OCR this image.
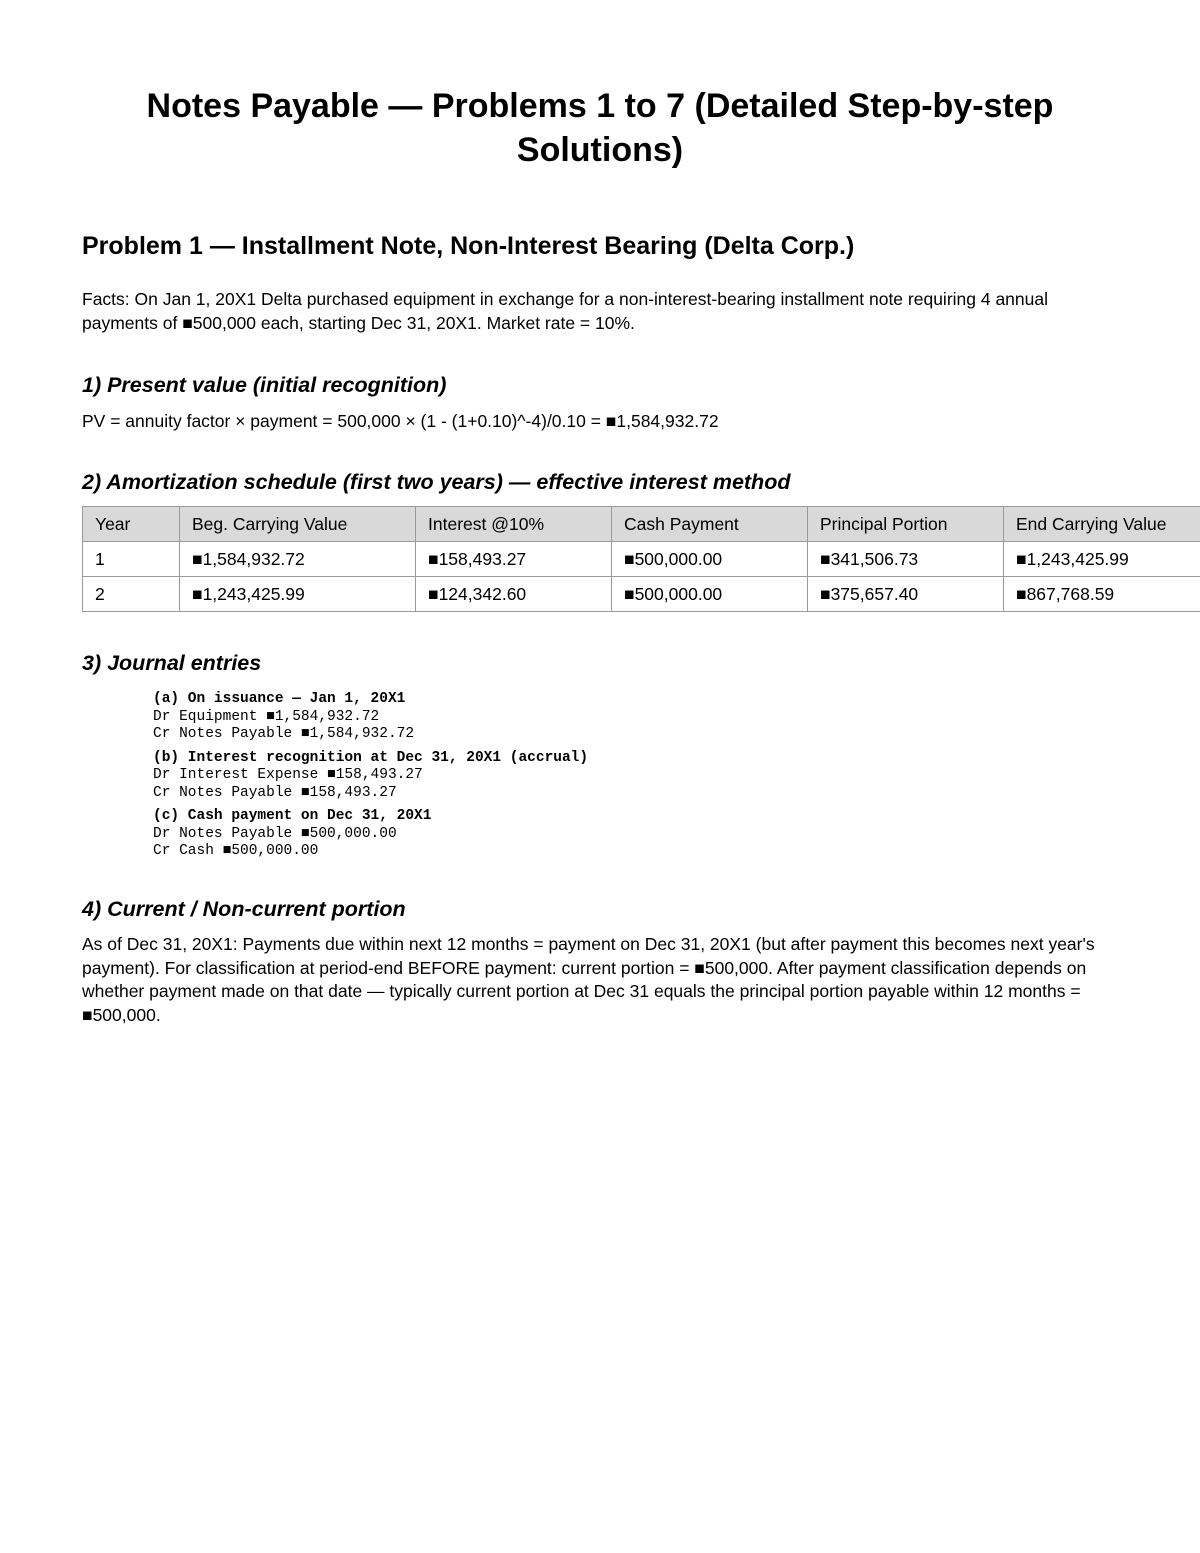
Notes Payable — Problems 1 to 7 (Detailed Step-by-step Solutions)
Problem 1 — Installment Note, Non-Interest Bearing (Delta Corp.)

Facts: On Jan 1, 20X1 Delta purchased equipment in exchange for a non-interest-bearing installment note requiring 4 annual payments of ■500,000 each, starting Dec 31, 20X1. Market rate = 10%.

1) Present value (initial recognition)

PV = annuity factor × payment = 500,000 × (1 - (1+0.10)^-4)/0.10 = ■1,584,932.72

2) Amortization schedule (first two years) — effective interest method
Year	Beg. Carrying Value	Interest @10%	Cash Payment	Principal Portion	End Carrying Value
1	■1,584,932.72	■158,493.27	■500,000.00	■341,506.73	■1,243,425.99
2	■1,243,425.99	■124,342.60	■500,000.00	■375,657.40	■867,768.59
3) Journal entries
(a) On issuance — Jan 1, 20X1
Dr Equipment ■1,584,932.72
Cr Notes Payable ■1,584,932.72
(b) Interest recognition at Dec 31, 20X1 (accrual)
Dr Interest Expense ■158,493.27
Cr Notes Payable ■158,493.27
(c) Cash payment on Dec 31, 20X1
Dr Notes Payable ■500,000.00
Cr Cash ■500,000.00
4) Current / Non-current portion

As of Dec 31, 20X1: Payments due within next 12 months = payment on Dec 31, 20X1 (but after payment this becomes next year's payment). For classification at period-end BEFORE payment: current portion = ■500,000. After payment classification depends on whether payment made on that date — typically current portion at Dec 31 equals the principal portion payable within 12 months = ■500,000.
